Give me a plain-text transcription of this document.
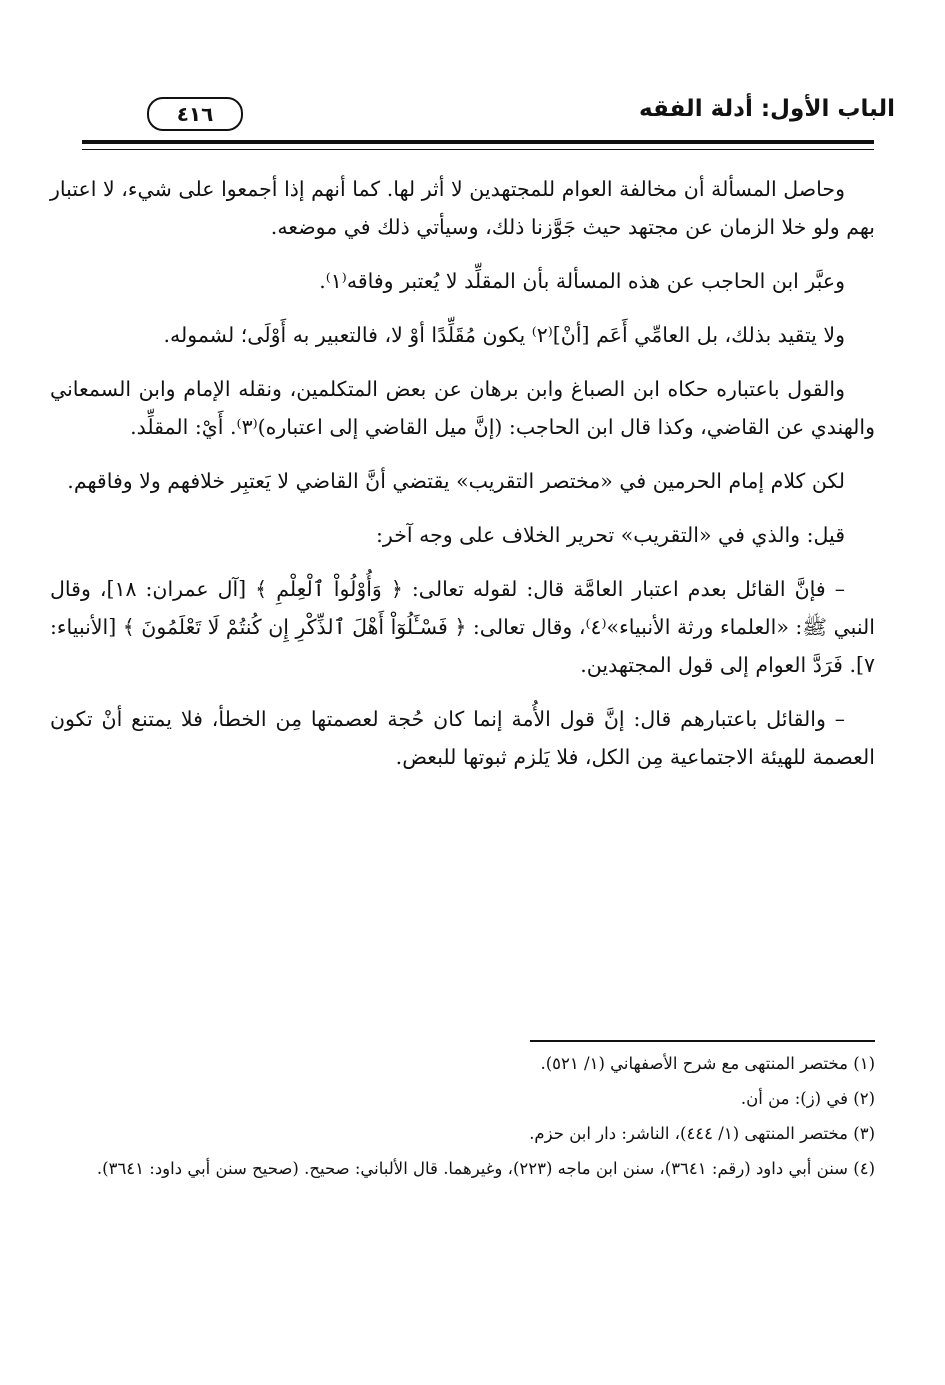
الباب الأول: أدلة الفقه
٤١٦

وحاصل المسألة أن مخالفة العوام للمجتهدين لا أثر لها. كما أنهم إذا أجمعوا على شيء، لا اعتبار بهم ولو خلا الزمان عن مجتهد حيث جَوَّزنا ذلك، وسيأتي ذلك في موضعه.

وعبَّر ابن الحاجب عن هذه المسألة بأن المقلِّد لا يُعتبر وفاقه⁽١⁾.

ولا يتقيد بذلك، بل العامِّي أَعَم [أنْ]⁽٢⁾ يكون مُقَلِّدًا أوْ لا، فالتعبير به أَوْلَى؛ لشموله.

والقول باعتباره حكاه ابن الصباغ وابن برهان عن بعض المتكلمين، ونقله الإمام وابن السمعاني والهندي عن القاضي، وكذا قال ابن الحاجب: (إنَّ ميل القاضي إلى اعتباره)⁽٣⁾. أَيْ: المقلِّد.

لكن كلام إمام الحرمين في «مختصر التقريب» يقتضي أنَّ القاضي لا يَعتبِر خلافهم ولا وفاقهم.

قيل: والذي في «التقريب» تحرير الخلاف على وجه آخر:

– فإنَّ القائل بعدم اعتبار العامَّة قال: لقوله تعالى: ﴿ وَأُوْلُواْ ٱلْعِلْمِ ﴾ [آل عمران: ١٨]، وقال النبي ﷺ: «العلماء ورثة الأنبياء»⁽٤⁾، وقال تعالى: ﴿ فَسْـَٔلُوٓاْ أَهْلَ ٱلذِّكْرِ إِن كُنتُمْ لَا تَعْلَمُونَ ﴾ [الأنبياء: ٧]. فَرَدَّ العوام إلى قول المجتهدين.

– والقائل باعتبارهم قال: إنَّ قول الأُمة إنما كان حُجة لعصمتها مِن الخطأ، فلا يمتنع أنْ تكون العصمة للهيئة الاجتماعية مِن الكل، فلا يَلزم ثبوتها للبعض.

(١) مختصر المنتهى مع شرح الأصفهاني (١/ ٥٢١).

(٢) في (ز): من أن.

(٣) مختصر المنتهى (١/ ٤٤٤)، الناشر: دار ابن حزم.

(٤) سنن أبي داود (رقم: ٣٦٤١)، سنن ابن ماجه (٢٢٣)، وغيرهما. قال الألباني: صحيح. (صحيح سنن أبي داود: ٣٦٤١).
